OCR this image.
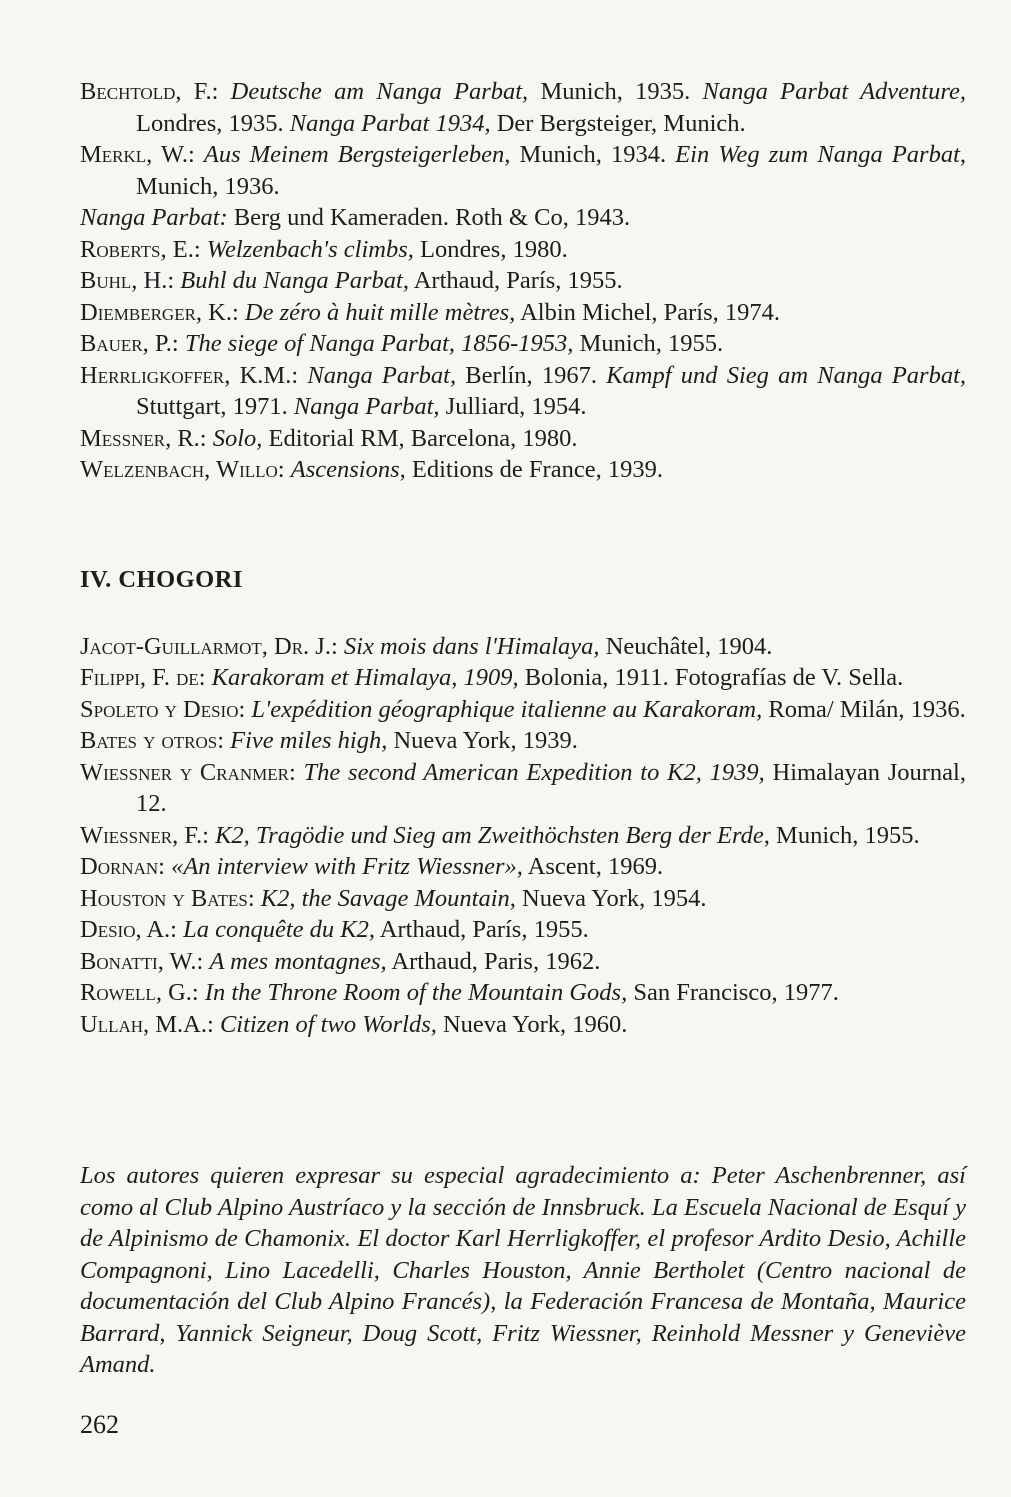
Bechtold, F.: Deutsche am Nanga Parbat, Munich, 1935. Nanga Parbat Adventure, Londres, 1935. Nanga Parbat 1934, Der Bergsteiger, Munich.
Merkl, W.: Aus Meinem Bergsteigerleben, Munich, 1934. Ein Weg zum Nanga Parbat, Munich, 1936.
Nanga Parbat: Berg und Kameraden. Roth & Co, 1943.
Roberts, E.: Welzenbach's climbs, Londres, 1980.
Buhl, H.: Buhl du Nanga Parbat, Arthaud, París, 1955.
Diemberger, K.: De zéro à huit mille mètres, Albin Michel, París, 1974.
Bauer, P.: The siege of Nanga Parbat, 1856-1953, Munich, 1955.
Herrligkoffer, K.M.: Nanga Parbat, Berlín, 1967. Kampf und Sieg am Nanga Parbat, Stuttgart, 1971. Nanga Parbat, Julliard, 1954.
Messner, R.: Solo, Editorial RM, Barcelona, 1980.
Welzenbach, Willo: Ascensions, Editions de France, 1939.
IV. CHOGORI
Jacot-Guillarmot, Dr. J.: Six mois dans l'Himalaya, Neuchâtel, 1904.
Filippi, F. de: Karakoram et Himalaya, 1909, Bolonia, 1911. Fotografías de V. Sella.
Spoleto y Desio: L'expédition géographique italienne au Karakoram, Roma/ Milán, 1936.
Bates y otros: Five miles high, Nueva York, 1939.
Wiessner y Cranmer: The second American Expedition to K2, 1939, Himalayan Journal, 12.
Wiessner, F.: K2, Tragödie und Sieg am Zweithöchsten Berg der Erde, Munich, 1955.
Dornan: «An interview with Fritz Wiessner», Ascent, 1969.
Houston y Bates: K2, the Savage Mountain, Nueva York, 1954.
Desio, A.: La conquête du K2, Arthaud, París, 1955.
Bonatti, W.: A mes montagnes, Arthaud, Paris, 1962.
Rowell, G.: In the Throne Room of the Mountain Gods, San Francisco, 1977.
Ullah, M.A.: Citizen of two Worlds, Nueva York, 1960.
Los autores quieren expresar su especial agradecimiento a: Peter Aschenbrenner, así como al Club Alpino Austríaco y la sección de Innsbruck. La Escuela Nacional de Esquí y de Alpinismo de Chamonix. El doctor Karl Herrligkoffer, el profesor Ardito Desio, Achille Compagnoni, Lino Lacedelli, Charles Houston, Annie Bertholet (Centro nacional de documentación del Club Alpino Francés), la Federación Francesa de Montaña, Maurice Barrard, Yannick Seigneur, Doug Scott, Fritz Wiessner, Reinhold Messner y Geneviève Amand.
262
